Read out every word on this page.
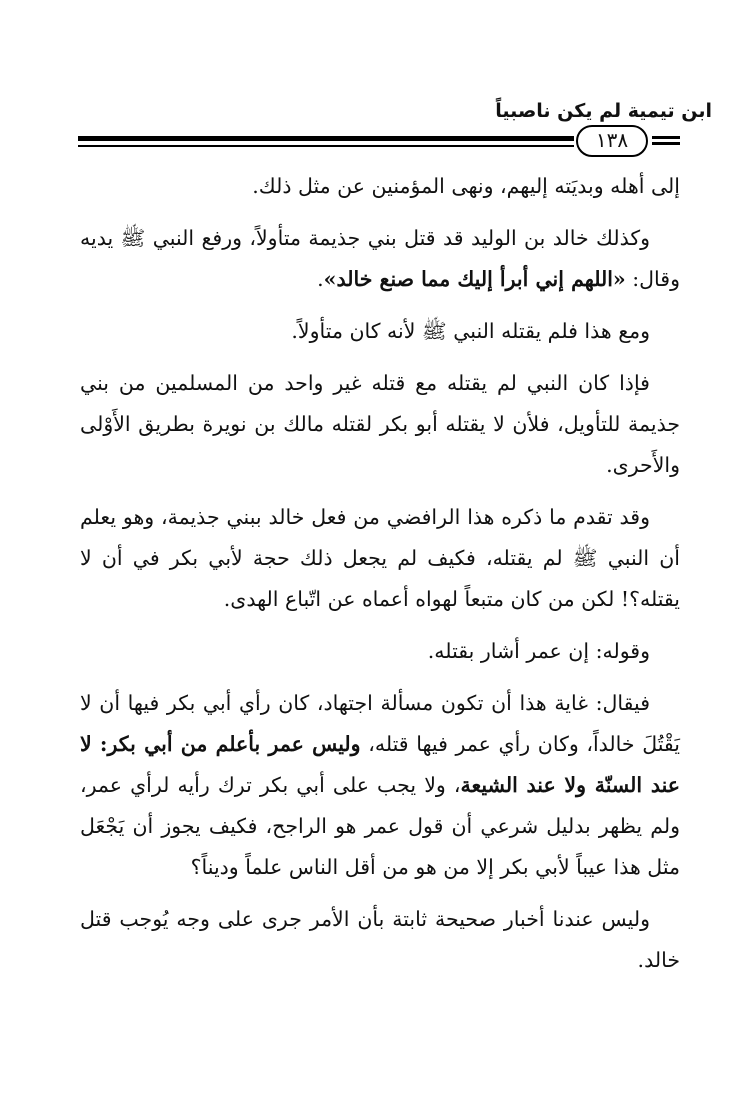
ابن تيمية لم يكن ناصبياً
١٣٨

إلى أهله وبديَته إليهم، ونهى المؤمنين عن مثل ذلك.

وكذلك خالد بن الوليد قد قتل بني جذيمة متأولاً، ورفع النبي ﷺ يديه وقال: «اللهم إني أبرأ إليك مما صنع خالد».

ومع هذا فلم يقتله النبي ﷺ لأنه كان متأولاً.

فإذا كان النبي لم يقتله مع قتله غير واحد من المسلمين من بني جذيمة للتأويل، فلأن لا يقتله أبو بكر لقتله مالك بن نويرة بطريق الأَوْلى والأَحرى.

وقد تقدم ما ذكره هذا الرافضي من فعل خالد ببني جذيمة، وهو يعلم أن النبي ﷺ لم يقتله، فكيف لم يجعل ذلك حجة لأبي بكر في أن لا يقتله؟! لكن من كان متبعاً لهواه أعماه عن اتّباع الهدى.

وقوله: إن عمر أشار بقتله.

فيقال: غاية هذا أن تكون مسألة اجتهاد، كان رأي أبي بكر فيها أن لا يَقْتُلَ خالداً، وكان رأي عمر فيها قتله، وليس عمر بأعلم من أبي بكر: لا عند السنّة ولا عند الشيعة، ولا يجب على أبي بكر ترك رأيه لرأي عمر، ولم يظهر بدليل شرعي أن قول عمر هو الراجح، فكيف يجوز أن يَجْعَل مثل هذا عيباً لأبي بكر إلا من هو من أقل الناس علماً وديناً؟

وليس عندنا أخبار صحيحة ثابتة بأن الأمر جرى على وجه يُوجب قتل خالد.
